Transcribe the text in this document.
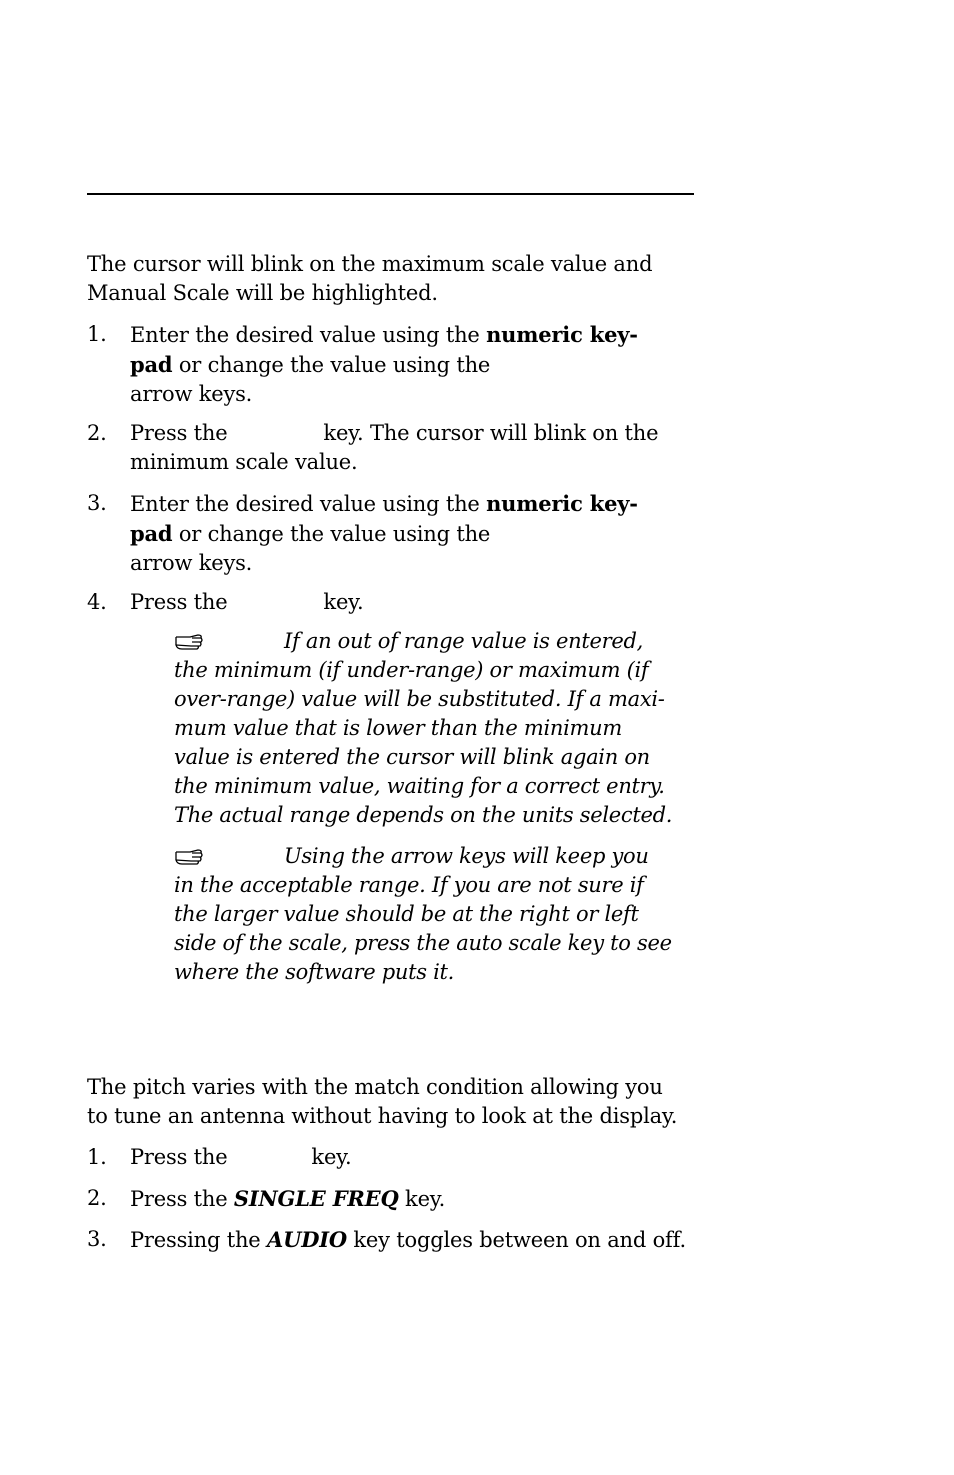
The cursor will blink on the maximum scale value and
Manual Scale will be highlighted.

1. Enter the desired value using the numeric key-
pad or change the value using the
arrow keys.
2. Press the	key. The cursor will blink on the
minimum scale value.
3. Enter the desired value using the numeric key-
pad or change the value using the
arrow keys.
4. Press the	key.
If an out of range value is entered,
the minimum (if under-range) or maximum (if
over-range) value will be substituted. If a maxi-
mum value that is lower than the minimum
value is entered the cursor will blink again on
the minimum value, waiting for a correct entry.
The actual range depends on the units selected.
Using the arrow keys will keep you
in the acceptable range. If you are not sure if
the larger value should be at the right or left
side of the scale, press the auto scale key to see
where the software puts it.

The pitch varies with the match condition allowing you
to tune an antenna without having to look at the display.

1. Press the	key.
2. Press the SINGLE FREQ key.
3. Pressing the AUDIO key toggles between on and off.
